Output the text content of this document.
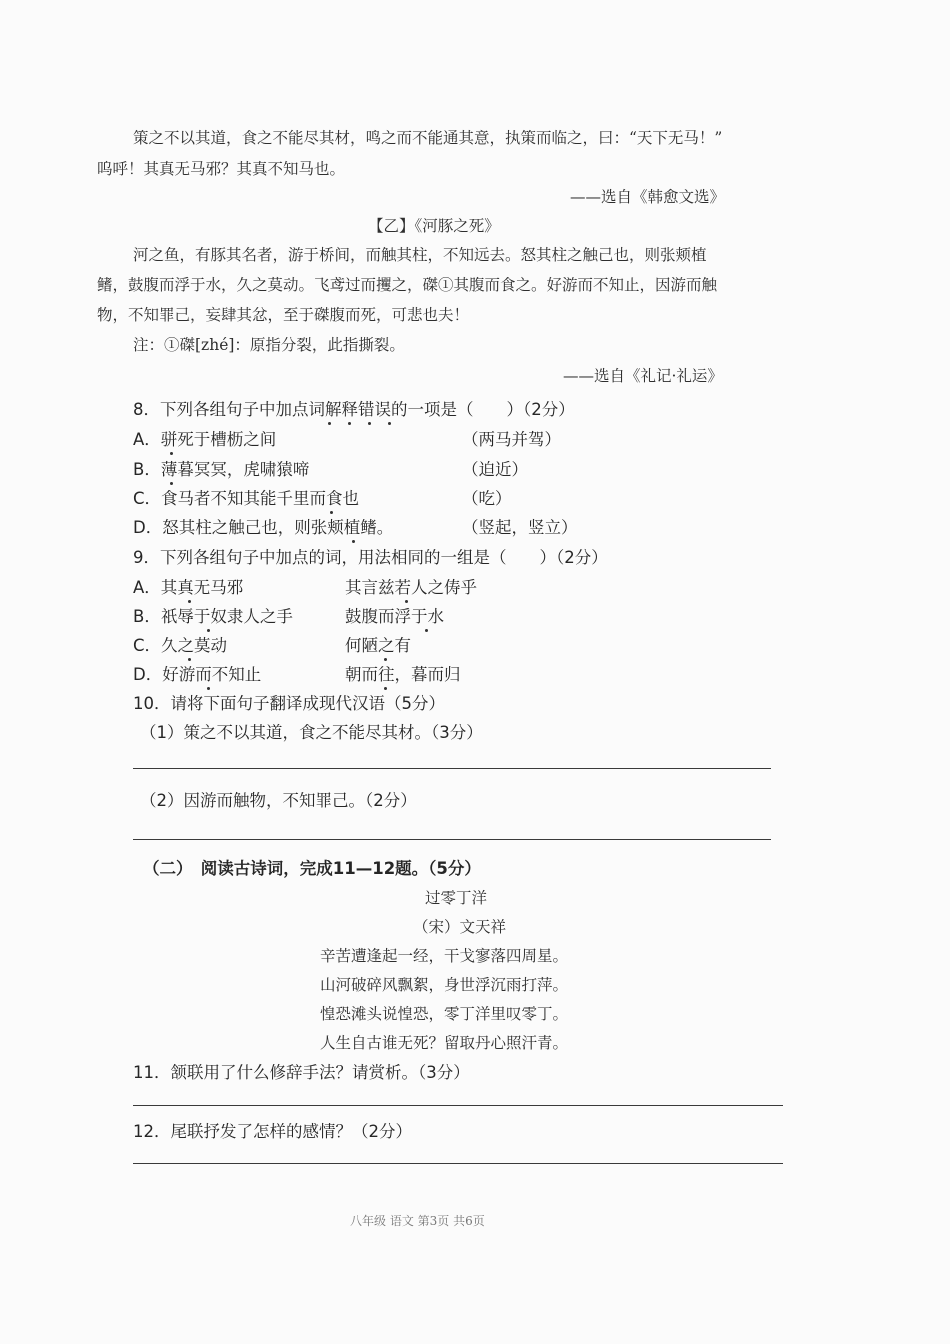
策之不以其道，食之不能尽其材，鸣之而不能通其意，执策而临之，曰：“天下无马！”
呜呼！其真无马邪？其真不知马也。
——选自《韩愈文选》
【乙】《河豚之死》
河之鱼，有豚其名者，游于桥间，而触其柱，不知远去。怒其柱之触己也，则张颊植
鳍，鼓腹而浮于水，久之莫动。飞鸢过而攫之，磔①其腹而食之。好游而不知止，因游而触
物，不知罪己，妄肆其忿，至于磔腹而死，可悲也夫！
注：①磔[zhé]：原指分裂，此指撕裂。
——选自《礼记·礼运》
8．下列各组句子中加点词解释错误的一项是（　　）（2分）
A．骈死于槽枥之间	（两马并驾）
B．薄暮冥冥，虎啸猿啼	（迫近）
C．食马者不知其能千里而食也	（吃）
D．怒其柱之触己也，则张颊植鳍。	（竖起，竖立）
9．下列各组句子中加点的词，用法相同的一组是（　　）（2分）
A．其真无马邪	其言兹若人之俦乎
B．祇辱于奴隶人之手	鼓腹而浮于水
C．久之莫动	何陋之有
D．好游而不知止	朝而往，暮而归
10．请将下面句子翻译成现代汉语（5分）
（1）策之不以其道，食之不能尽其材。（3分）
（2）因游而触物，不知罪己。（2分）
（二）　阅读古诗词，完成11—12题。（5分）
过零丁洋
（宋）文天祥
辛苦遭逢起一经，干戈寥落四周星。
山河破碎风飘絮，身世浮沉雨打萍。
惶恐滩头说惶恐，零丁洋里叹零丁。
人生自古谁无死？留取丹心照汗青。
11．颔联用了什么修辞手法？请赏析。（3分）
12．尾联抒发了怎样的感情？（2分）
八年级 语文 第3页 共6页
